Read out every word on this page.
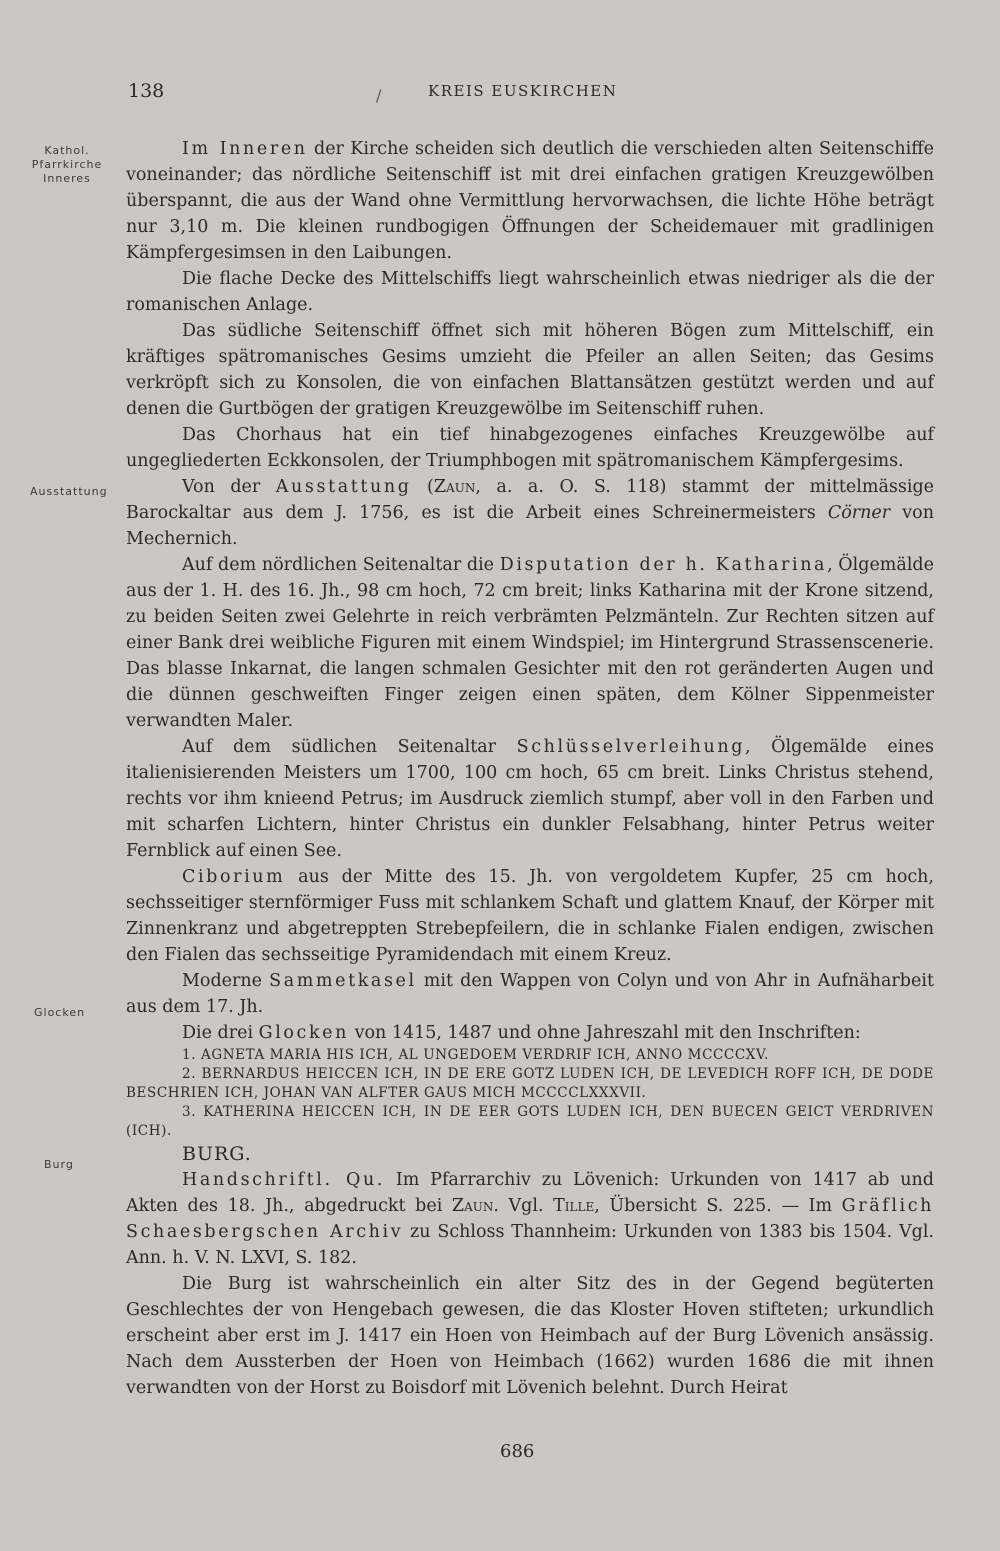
138	/	KREIS EUSKIRCHEN
Kathol.
Pfarrkirche
Inneres
Ausstattung
Glocken
Burg

Im Inneren der Kirche scheiden sich deutlich die verschieden alten Seitenschiffe voneinander; das nördliche Seitenschiff ist mit drei einfachen gratigen Kreuzgewölben überspannt, die aus der Wand ohne Vermittlung hervorwachsen, die lichte Höhe beträgt nur 3,10 m. Die kleinen rundbogigen Öffnungen der Scheidemauer mit gradlinigen Kämpfergesimsen in den Laibungen.

Die flache Decke des Mittelschiffs liegt wahrscheinlich etwas niedriger als die der romanischen Anlage.

Das südliche Seitenschiff öffnet sich mit höheren Bögen zum Mittelschiff, ein kräftiges spätromanisches Gesims umzieht die Pfeiler an allen Seiten; das Gesims verkröpft sich zu Konsolen, die von einfachen Blattansätzen gestützt werden und auf denen die Gurtbögen der gratigen Kreuzgewölbe im Seitenschiff ruhen.

Das Chorhaus hat ein tief hinabgezogenes einfaches Kreuzgewölbe auf ungegliederten Eckkonsolen, der Triumphbogen mit spätromanischem Kämpfergesims.

Von der Ausstattung (Zaun, a. a. O. S. 118) stammt der mittelmässige Barockaltar aus dem J. 1756, es ist die Arbeit eines Schreinermeisters Cörner von Mechernich.

Auf dem nördlichen Seitenaltar die Disputation der h. Katharina, Ölgemälde aus der 1. H. des 16. Jh., 98 cm hoch, 72 cm breit; links Katharina mit der Krone sitzend, zu beiden Seiten zwei Gelehrte in reich verbrämten Pelzmänteln. Zur Rechten sitzen auf einer Bank drei weibliche Figuren mit einem Windspiel; im Hintergrund Strassenscenerie. Das blasse Inkarnat, die langen schmalen Gesichter mit den rot geränderten Augen und die dünnen geschweiften Finger zeigen einen späten, dem Kölner Sippenmeister verwandten Maler.

Auf dem südlichen Seitenaltar Schlüsselverleihung, Ölgemälde eines italienisierenden Meisters um 1700, 100 cm hoch, 65 cm breit. Links Christus stehend, rechts vor ihm knieend Petrus; im Ausdruck ziemlich stumpf, aber voll in den Farben und mit scharfen Lichtern, hinter Christus ein dunkler Felsabhang, hinter Petrus weiter Fernblick auf einen See.

Ciborium aus der Mitte des 15. Jh. von vergoldetem Kupfer, 25 cm hoch, sechsseitiger sternförmiger Fuss mit schlankem Schaft und glattem Knauf, der Körper mit Zinnenkranz und abgetreppten Strebepfeilern, die in schlanke Fialen endigen, zwischen den Fialen das sechsseitige Pyramidendach mit einem Kreuz.

Moderne Sammetkasel mit den Wappen von Colyn und von Ahr in Aufnäharbeit aus dem 17. Jh.

Die drei Glocken von 1415, 1487 und ohne Jahreszahl mit den Inschriften:

1. AGNETA MARIA HIS ICH, AL UNGEDOEM VERDRIF ICH, ANNO MCCCCXV.

2. BERNARDUS HEICCEN ICH, IN DE ERE GOTZ LUDEN ICH, DE LEVEDICH ROFF ICH, DE DODE BESCHRIEN ICH, JOHAN VAN ALFTER GAUS MICH MCCCCLXXXVII.

3. KATHERINA HEICCEN ICH, IN DE EER GOTS LUDEN ICH, DEN BUECEN GEICT VERDRIVEN (ICH).

BURG.

Handschriftl. Qu. Im Pfarrarchiv zu Lövenich: Urkunden von 1417 ab und Akten des 18. Jh., abgedruckt bei Zaun. Vgl. Tille, Übersicht S. 225. — Im Gräflich Schaesbergschen Archiv zu Schloss Thannheim: Urkunden von 1383 bis 1504. Vgl. Ann. h. V. N. LXVI, S. 182.

Die Burg ist wahrscheinlich ein alter Sitz des in der Gegend begüterten Geschlechtes der von Hengebach gewesen, die das Kloster Hoven stifteten; urkundlich erscheint aber erst im J. 1417 ein Hoen von Heimbach auf der Burg Lövenich ansässig. Nach dem Aussterben der Hoen von Heimbach (1662) wurden 1686 die mit ihnen verwandten von der Horst zu Boisdorf mit Lövenich belehnt. Durch Heirat

686
